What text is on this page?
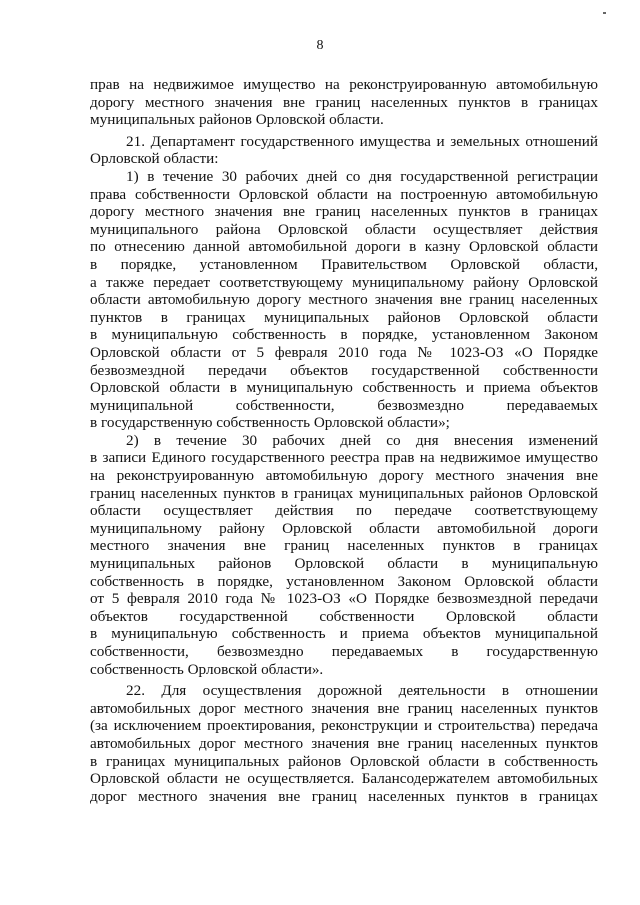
8
прав на недвижимое имущество на реконструированную автомобильную
дорогу местного значения вне границ населенных пунктов в границах
муниципальных районов Орловской области.
21. Департамент государственного имущества и земельных отношений
Орловской области:
1) в течение 30 рабочих дней со дня государственной регистрации
права собственности Орловской области на построенную автомобильную
дорогу местного значения вне границ населенных пунктов в границах
муниципального района Орловской области осуществляет действия
по отнесению данной автомобильной дороги в казну Орловской области
в порядке, установленном Правительством Орловской области,
а также передает соответствующему муниципальному району Орловской
области автомобильную дорогу местного значения вне границ населенных
пунктов в границах муниципальных районов Орловской области
в муниципальную собственность в порядке, установленном Законом
Орловской области от 5 февраля 2010 года № 1023-ОЗ «О Порядке
безвозмездной передачи объектов государственной собственности
Орловской области в муниципальную собственность и приема объектов
муниципальной собственности, безвозмездно передаваемых
в государственную собственность Орловской области»;
2) в течение 30 рабочих дней со дня внесения изменений
в записи Единого государственного реестра прав на недвижимое имущество
на реконструированную автомобильную дорогу местного значения вне
границ населенных пунктов в границах муниципальных районов Орловской
области осуществляет действия по передаче соответствующему
муниципальному району Орловской области автомобильной дороги
местного значения вне границ населенных пунктов в границах
муниципальных районов Орловской области в муниципальную
собственность в порядке, установленном Законом Орловской области
от 5 февраля 2010 года № 1023-ОЗ «О Порядке безвозмездной передачи
объектов государственной собственности Орловской области
в муниципальную собственность и приема объектов муниципальной
собственности, безвозмездно передаваемых в государственную
собственность Орловской области».
22. Для осуществления дорожной деятельности в отношении
автомобильных дорог местного значения вне границ населенных пунктов
(за исключением проектирования, реконструкции и строительства) передача
автомобильных дорог местного значения вне границ населенных пунктов
в границах муниципальных районов Орловской области в собственность
Орловской области не осуществляется. Балансодержателем автомобильных
дорог местного значения вне границ населенных пунктов в границах
